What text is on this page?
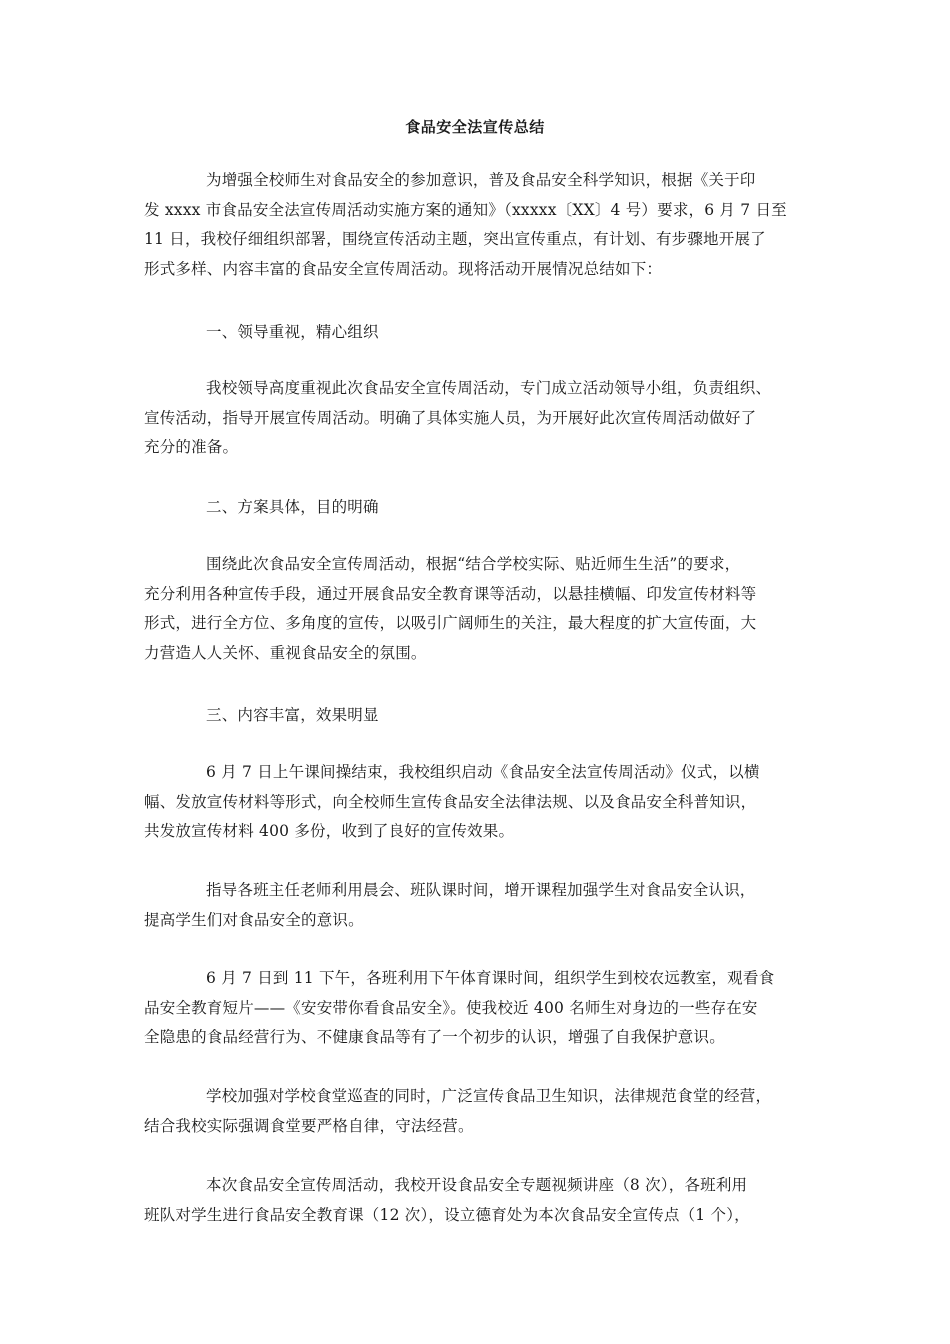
食品安全法宣传总结
为增强全校师生对食品安全的参加意识，普及食品安全科学知识，根据《关于印
发 xxxx 市食品安全法宣传周活动实施方案的通知》（xxxxx〔XX〕4 号）要求，6 月 7 日至
11 日，我校仔细组织部署，围绕宣传活动主题，突出宣传重点，有计划、有步骤地开展了
形式多样、内容丰富的食品安全宣传周活动。现将活动开展情况总结如下：
一、领导重视，精心组织
我校领导高度重视此次食品安全宣传周活动，专门成立活动领导小组，负责组织、
宣传活动，指导开展宣传周活动。明确了具体实施人员，为开展好此次宣传周活动做好了
充分的准备。
二、方案具体，目的明确
围绕此次食品安全宣传周活动，根据“结合学校实际、贴近师生生活”的要求，
充分利用各种宣传手段，通过开展食品安全教育课等活动，以悬挂横幅、印发宣传材料等
形式，进行全方位、多角度的宣传，以吸引广阔师生的关注，最大程度的扩大宣传面，大
力营造人人关怀、重视食品安全的氛围。
三、内容丰富，效果明显
6 月 7 日上午课间操结束，我校组织启动《食品安全法宣传周活动》仪式，以横
幅、发放宣传材料等形式，向全校师生宣传食品安全法律法规、以及食品安全科普知识，
共发放宣传材料 400 多份，收到了良好的宣传效果。
指导各班主任老师利用晨会、班队课时间，增开课程加强学生对食品安全认识，
提高学生们对食品安全的意识。
6 月 7 日到 11 下午，各班利用下午体育课时间，组织学生到校农远教室，观看食
品安全教育短片——《安安带你看食品安全》。使我校近 400 名师生对身边的一些存在安
全隐患的食品经营行为、不健康食品等有了一个初步的认识，增强了自我保护意识。
学校加强对学校食堂巡查的同时，广泛宣传食品卫生知识，法律规范食堂的经营，
结合我校实际强调食堂要严格自律，守法经营。
本次食品安全宣传周活动，我校开设食品安全专题视频讲座（8 次），各班利用
班队对学生进行食品安全教育课（12 次），设立德育处为本次食品安全宣传点（1 个），
